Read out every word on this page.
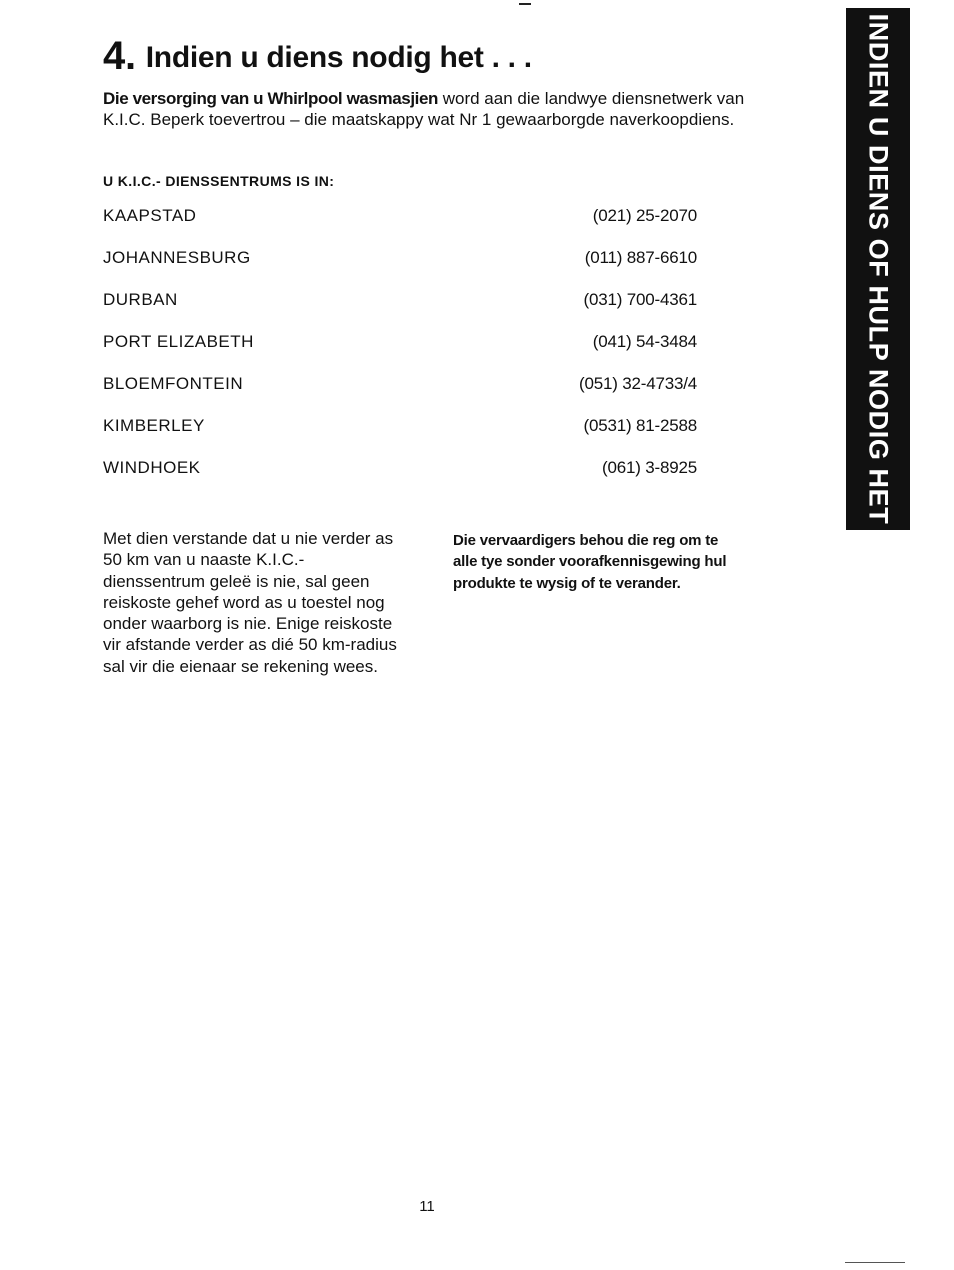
4. Indien u diens nodig het . . .

Die versorging van u Whirlpool wasmasjien word aan die landwye diensnetwerk van K.I.C. Beperk toevertrou – die maatskappy wat Nr 1 gewaarborgde naverkoopdiens.

U K.I.C.- DIENSSENTRUMS IS IN:

KAAPSTAD	(021) 25-2070
JOHANNESBURG	(011) 887-6610
DURBAN	(031) 700-4361
PORT ELIZABETH	(041) 54-3484
BLOEMFONTEIN	(051) 32-4733/4
KIMBERLEY	(0531) 81-2588
WINDHOEK	(061) 3-8925

Met dien verstande dat u nie verder as 50 km van u naaste K.I.C.-dienssentrum geleë is nie, sal geen reiskoste gehef word as u toestel nog onder waarborg is nie. Enige reiskoste vir afstande verder as dié 50 km-radius sal vir die eienaar se rekening wees.

Die vervaardigers behou die reg om te alle tye sonder voorafkennisgewing hul produkte te wysig of te verander.

INDIEN U DIENS OF HULP NODIG HET
11
